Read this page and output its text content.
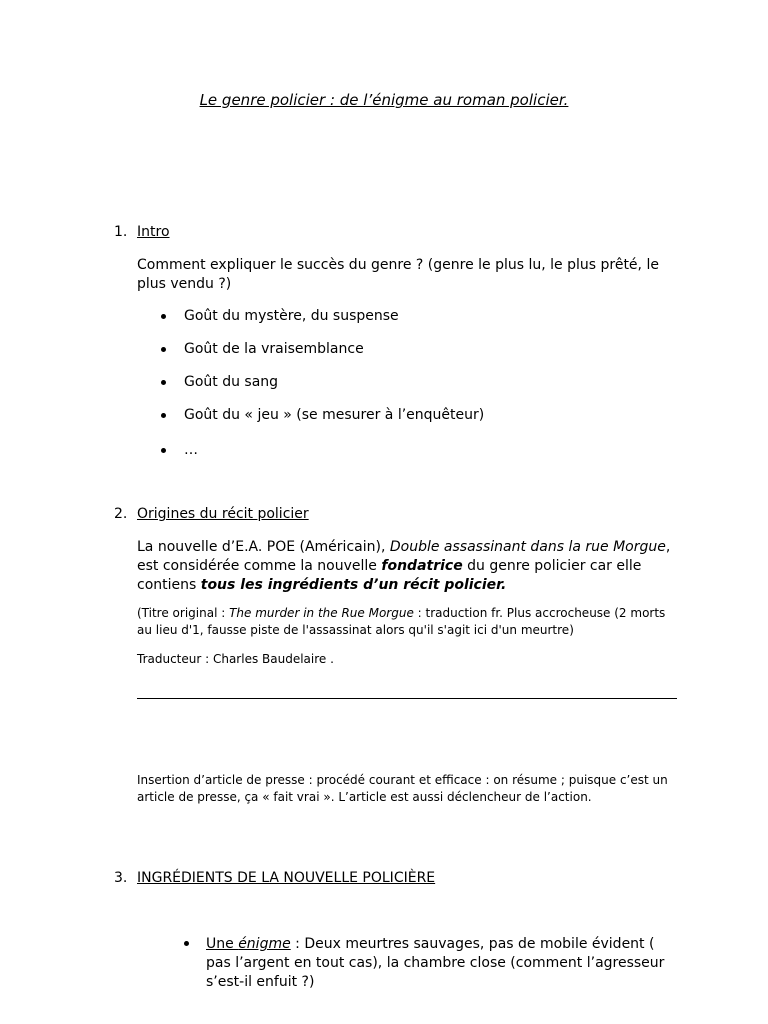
Le genre policier : de l’énigme au roman policier.
1. Intro
Comment expliquer le succès du genre ? (genre le plus lu, le plus prêté, le plus vendu ?)
Goût du mystère, du suspense
Goût de la vraisemblance
Goût du sang
Goût du « jeu » (se mesurer à l’enquêteur)
…
2. Origines du récit policier
La nouvelle d’E.A. POE (Américain), Double assassinant dans la rue Morgue, est considérée comme la nouvelle fondatrice du genre policier car elle contiens tous les ingrédients d’un récit policier.
(Titre original : The murder in the Rue Morgue : traduction fr. Plus accrocheuse (2 morts au lieu d'1, fausse piste de l'assassinat alors qu'il s'agit ici d'un meurtre)
Traducteur : Charles Baudelaire .
Insertion d’article de presse : procédé courant et efficace : on résume ; puisque c’est un article de presse, ça « fait vrai ». L’article est aussi déclencheur de l’action.
3. INGRÉDIENTS DE LA NOUVELLE POLICIÈRE
Une énigme : Deux meurtres sauvages, pas de mobile évident ( pas l’argent en tout cas), la chambre close (comment l’agresseur s’est-il enfuit ?)
